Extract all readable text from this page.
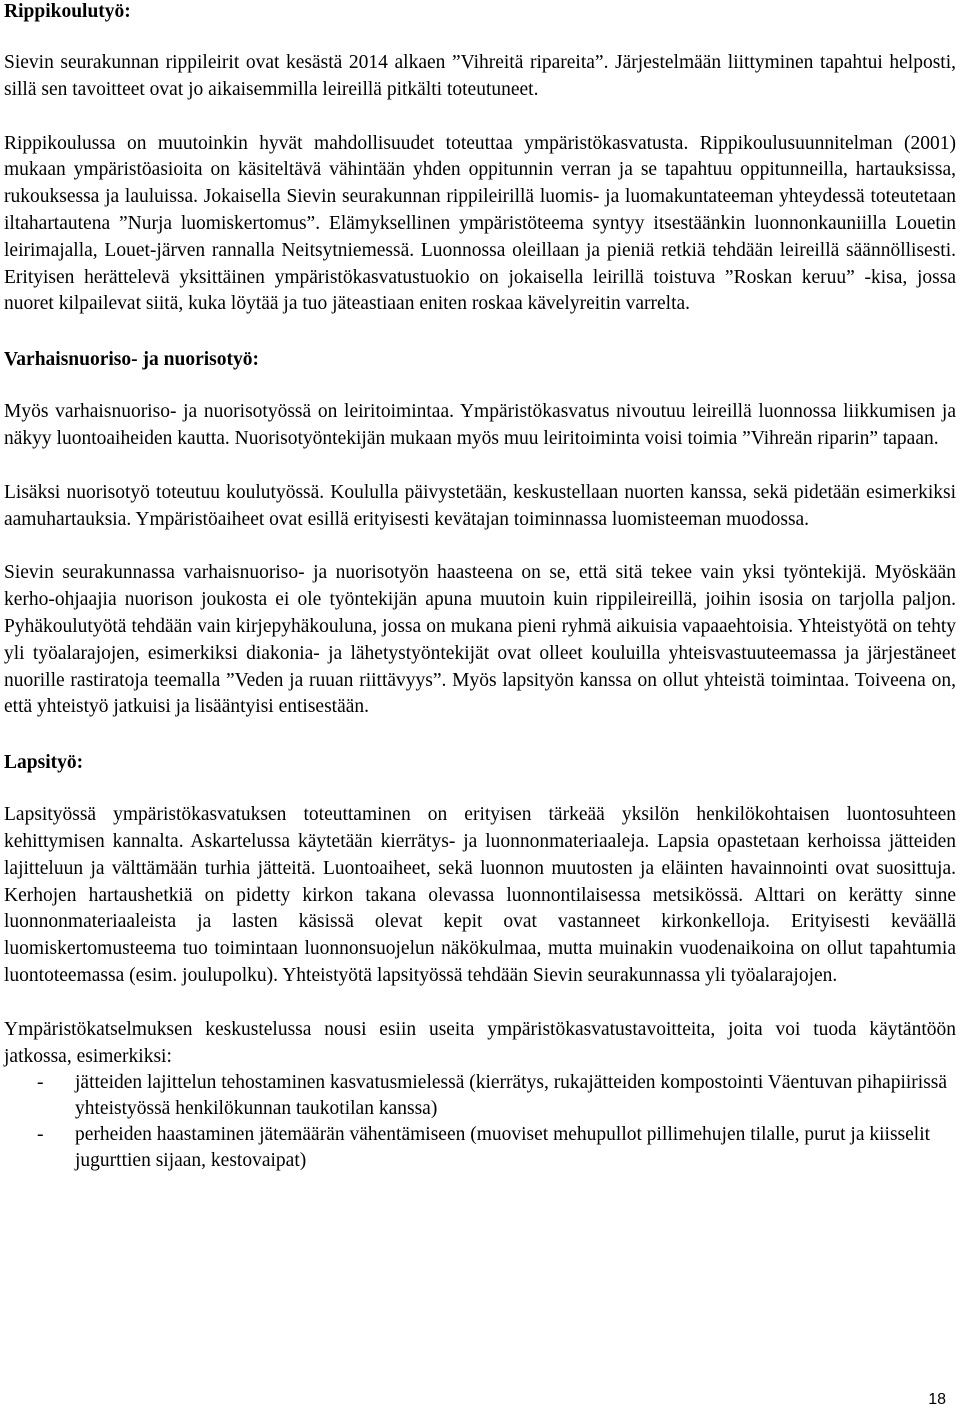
Rippikoulutyö:

Sievin seurakunnan rippileirit ovat kesästä 2014 alkaen ”Vihreitä ripareita”. Järjestelmään liittyminen tapahtui helposti, sillä sen tavoitteet ovat jo aikaisemmilla leireillä pitkälti toteutuneet.

Rippikoulussa on muutoinkin hyvät mahdollisuudet toteuttaa ympäristökasvatusta. Rippikoulusuunnitelman (2001) mukaan ympäristöasioita on käsiteltävä vähintään yhden oppitunnin verran ja se tapahtuu oppitunneilla, hartauksissa, rukouksessa ja lauluissa. Jokaisella Sievin seurakunnan rippileirillä luomis- ja luomakuntateeman yhteydessä toteutetaan iltahartautena ”Nurja luomiskertomus”. Elämyksellinen ympäristöteema syntyy itsestäänkin luonnonkauniilla Louetin leirimajalla, Louet-järven rannalla Neitsytniemessä. Luonnossa oleillaan ja pieniä retkiä tehdään leireillä säännöllisesti. Erityisen herättelevä yksittäinen ympäristökasvatustuokio on jokaisella leirillä toistuva ”Roskan keruu” -kisa, jossa nuoret kilpailevat siitä, kuka löytää ja tuo jäteastiaan eniten roskaa kävelyreitin varrelta.

Varhaisnuoriso- ja nuorisotyö:

Myös varhaisnuoriso- ja nuorisotyössä on leiritoimintaa. Ympäristökasvatus nivoutuu leireillä luonnossa liikkumisen ja näkyy luontoaiheiden kautta. Nuorisotyöntekijän mukaan myös muu leiritoiminta voisi toimia ”Vihreän riparin” tapaan.

Lisäksi nuorisotyö toteutuu koulutyössä. Koululla päivystetään, keskustellaan nuorten kanssa, sekä pidetään esimerkiksi aamuhartauksia. Ympäristöaiheet ovat esillä erityisesti kevätajan toiminnassa luomisteeman muodossa.

Sievin seurakunnassa varhaisnuoriso- ja nuorisotyön haasteena on se, että sitä tekee vain yksi työntekijä. Myöskään kerho-ohjaajia nuorison joukosta ei ole työntekijän apuna muutoin kuin rippileireillä, joihin isosia on tarjolla paljon. Pyhäkoulutyötä tehdään vain kirjepyhäkouluna, jossa on mukana pieni ryhmä aikuisia vapaaehtoisia. Yhteistyötä on tehty yli työalarajojen, esimerkiksi diakonia- ja lähetystyöntekijät ovat olleet kouluilla yhteisvastuuteemassa ja järjestäneet nuorille rastiratoja teemalla ”Veden ja ruuan riittävyys”. Myös lapsityön kanssa on ollut yhteistä toimintaa. Toiveena on, että yhteistyö jatkuisi ja lisääntyisi entisestään.

Lapsityö:

Lapsityössä ympäristökasvatuksen toteuttaminen on erityisen tärkeää yksilön henkilökohtaisen luontosuhteen kehittymisen kannalta. Askartelussa käytetään kierrätys- ja luonnonmateriaaleja. Lapsia opastetaan kerhoissa jätteiden lajitteluun ja välttämään turhia jätteitä. Luontoaiheet, sekä luonnon muutosten ja eläinten havainnointi ovat suosittuja. Kerhojen hartaushetkiä on pidetty kirkon takana olevassa luonnontilaisessa metsikössä. Alttari on kerätty sinne luonnonmateriaaleista ja lasten käsissä olevat kepit ovat vastanneet kirkonkelloja. Erityisesti keväällä luomiskertomusteema tuo toimintaan luonnonsuojelun näkökulmaa, mutta muinakin vuodenaikoina on ollut tapahtumia luontoteemassa (esim. joulupolku). Yhteistyötä lapsityössä tehdään Sievin seurakunnassa yli työalarajojen.

Ympäristökatselmuksen keskustelussa nousi esiin useita ympäristökasvatustavoitteita, joita voi tuoda käytäntöön jatkossa, esimerkiksi:

- jätteiden lajittelun tehostaminen kasvatusmielessä (kierrätys, rukajätteiden kompostointi Väentuvan pihapiirissä yhteistyössä henkilökunnan taukotilan kanssa)
- perheiden haastaminen jätemäärän vähentämiseen (muoviset mehupullot pillimehujen tilalle, purut ja kiisselit jugurttien sijaan, kestovaipat)
18
